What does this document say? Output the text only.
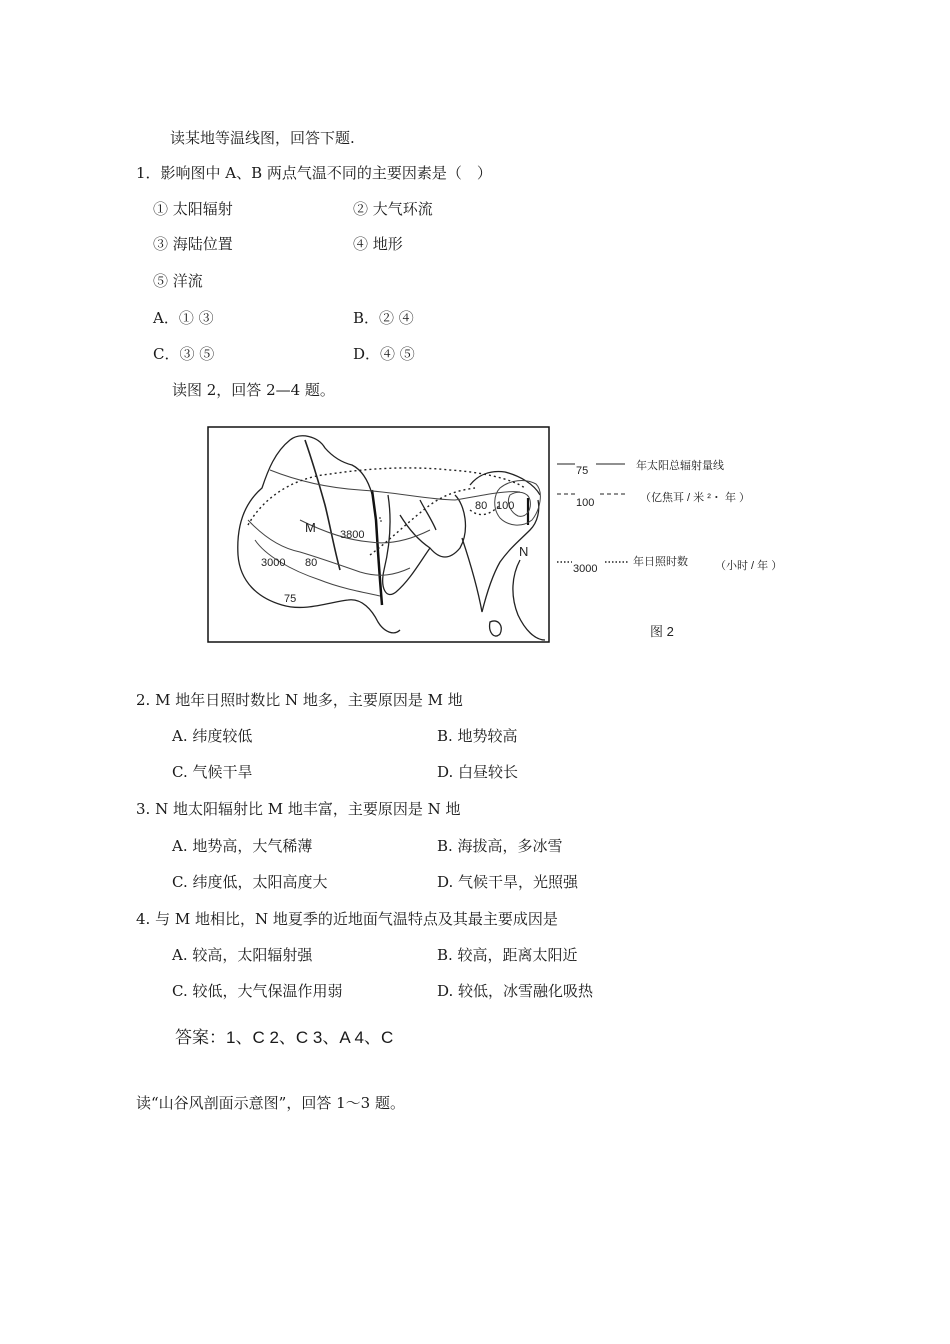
读某地等温线图，回答下题.
1．影响图中 A、B 两点气温不同的主要因素是（　）
① 太阳辐射	② 大气环流
③ 海陆位置	④ 地形
⑤ 洋流
A．① ③	B．② ④
C．③ ⑤	D．④ ⑤
读图 2，回答 2—4 题。
M
N
3800
3000 80
75
80 100
75	年太阳总辐射量线
100	（亿焦耳 / 米 ²・ 年 ）
3000
年日照时数 （小时 / 年 ）
图 2
2. M 地年日照时数比 N 地多，主要原因是 M 地
A. 纬度较低	B. 地势较高
C. 气候干旱	D. 白昼较长
3. N 地太阳辐射比 M 地丰富，主要原因是 N 地
A. 地势高，大气稀薄	B. 海拔高，多冰雪
C. 纬度低，太阳高度大	D. 气候干旱，光照强
4. 与 M 地相比，N 地夏季的近地面气温特点及其最主要成因是
A. 较高，太阳辐射强	B. 较高，距离太阳近
C. 较低，大气保温作用弱	D. 较低，冰雪融化吸热
答案：1、C 2、C 3、A 4、C
读“山谷风剖面示意图”，回答 1～3 题。
